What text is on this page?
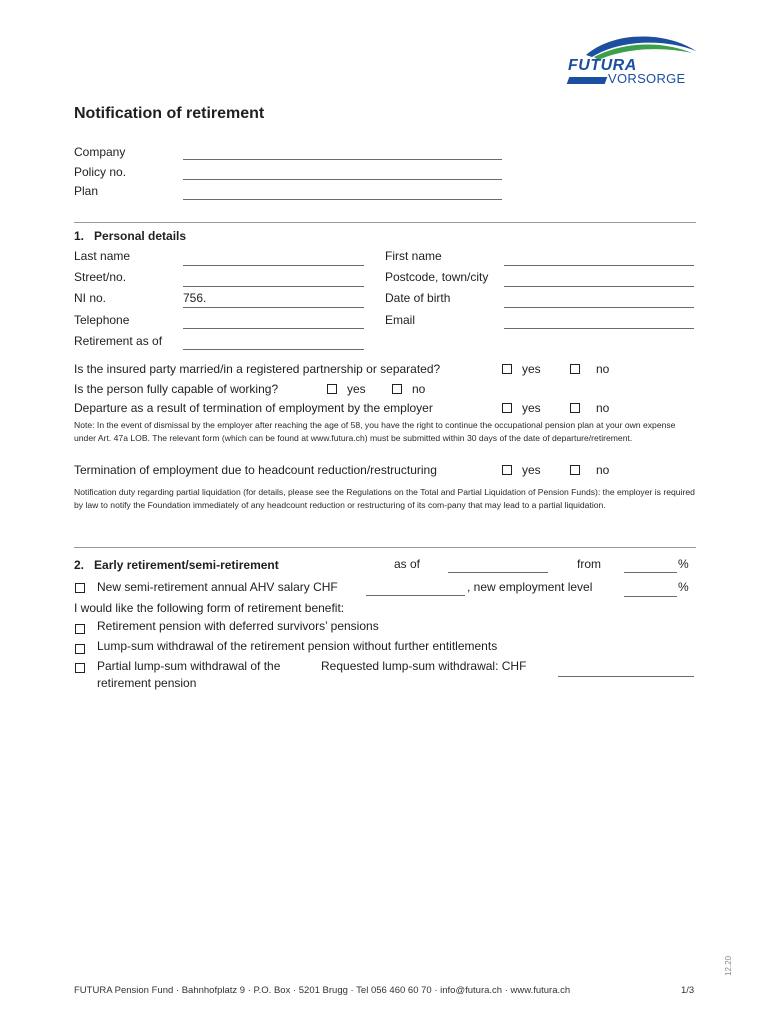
FUTURA
VORSORGE
Notification of retirement
Company
Policy no.
Plan
1.   Personal details
Last name	First name
Street/no.	Postcode, town/city
NI no.	756.	Date of birth
Telephone	Email
Retirement as of
Is the insured party married/in a registered partnership or separated?	yes	no
Is the person fully capable of working?	yes	no
Departure as a result of termination of employment by the employer	yes	no
Note: In the event of dismissal by the employer after reaching the age of 58, you have the right to continue the occupational pension plan at your own expense under Art. 47a LOB. The relevant form (which can be found at www.futura.ch) must be submitted within 30 days of the date of departure/retirement.
Termination of employment due to headcount reduction/restructuring	yes	no
Notification duty regarding partial liquidation (for details, please see the Regulations on the Total and Partial Liquidation of Pension Funds): the employer is required by law to notify the Foundation immediately of any headcount reduction or restructuring of its com-pany that may lead to a partial liquidation.
2.   Early retirement/semi-retirement	as of	from	%
New semi-retirement annual AHV salary CHF	, new employment level	%
I would like the following form of retirement benefit:
Retirement pension with deferred survivors’ pensions
Lump-sum withdrawal of the retirement pension without further entitlements
Partial lump-sum withdrawal of the
retirement pension
Requested lump-sum withdrawal: CHF
FUTURA Pension Fund · Bahnhofplatz 9 · P.O. Box · 5201 Brugg · Tel 056 460 60 70 · info@futura.ch · www.futura.ch	1/3
12.20
